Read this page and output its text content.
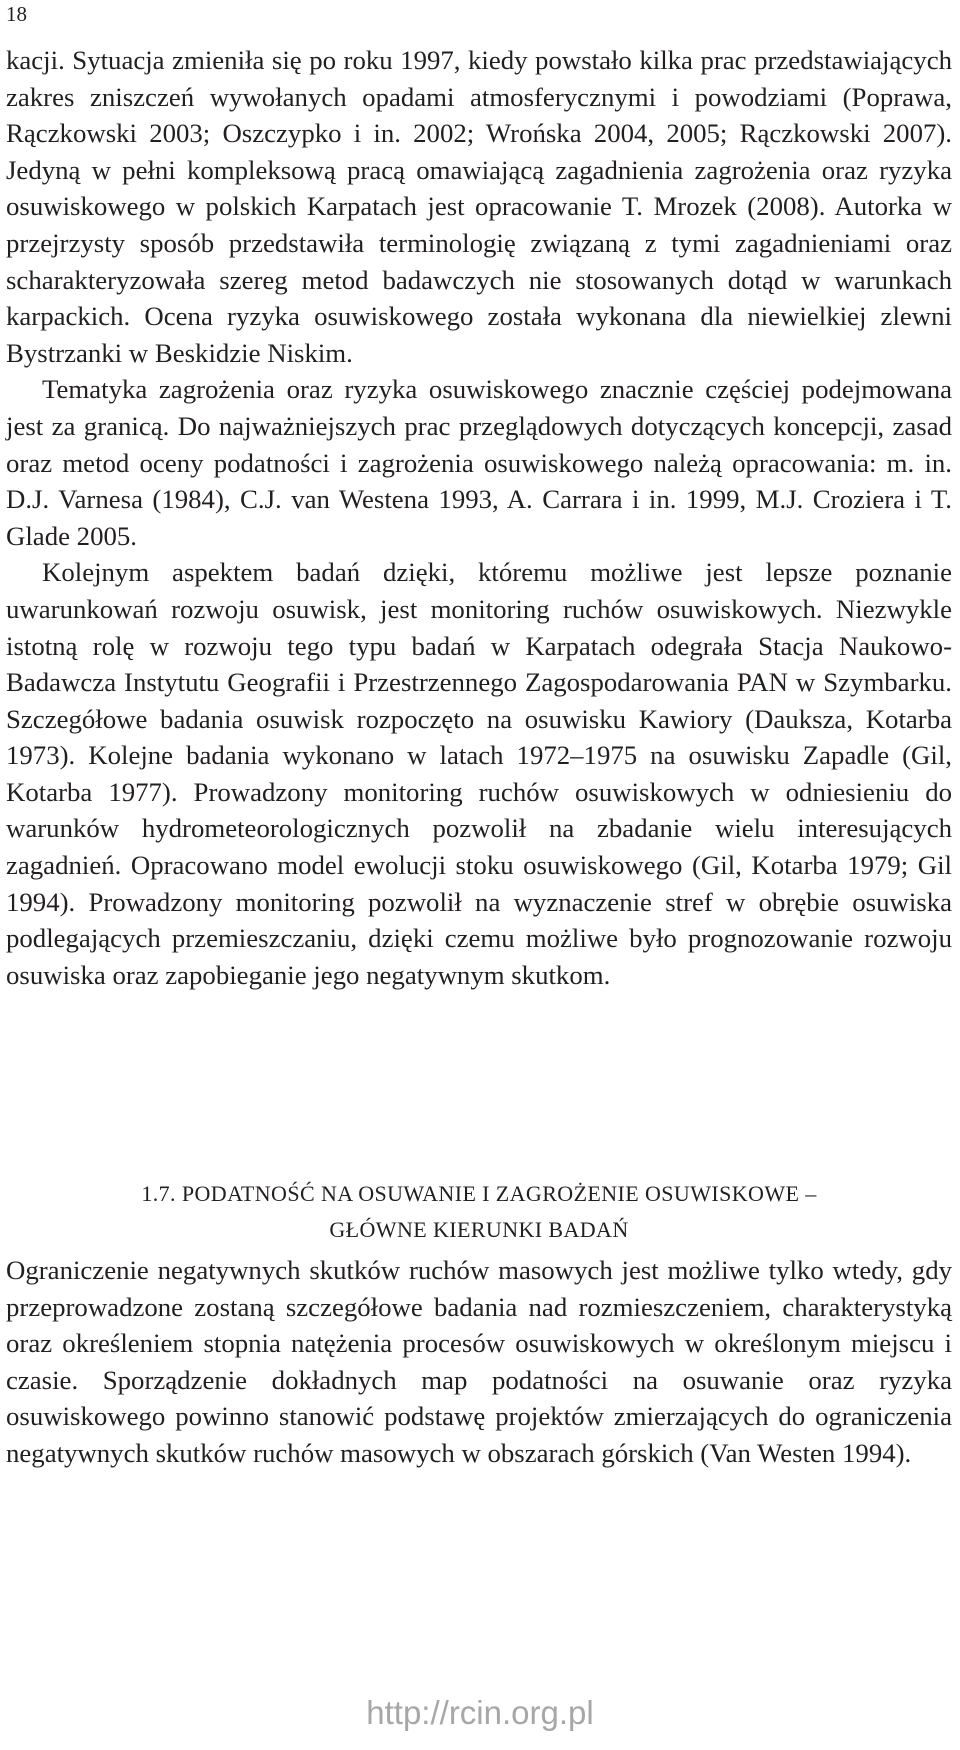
18

kacji. Sytuacja zmieniła się po roku 1997, kiedy powstało kilka prac przedstawiających zakres zniszczeń wywołanych opadami atmosferycznymi i powodziami (Poprawa, Rączkowski 2003; Oszczypko i in. 2002; Wrońska 2004, 2005; Rączkowski 2007). Jedyną w pełni kompleksową pracą omawiającą zagadnienia zagrożenia oraz ryzyka osuwiskowego w polskich Karpatach jest opracowanie T. Mrozek (2008). Autorka w przejrzysty sposób przedstawiła terminologię związaną z tymi zagadnieniami oraz scharakteryzowała szereg metod badawczych nie stosowanych dotąd w warunkach karpackich. Ocena ryzyka osuwiskowego została wykonana dla niewielkiej zlewni Bystrzanki w Beskidzie Niskim.

Tematyka zagrożenia oraz ryzyka osuwiskowego znacznie częściej podejmowana jest za granicą. Do najważniejszych prac przeglądowych dotyczących koncepcji, zasad oraz metod oceny podatności i zagrożenia osuwiskowego należą opracowania: m. in. D.J. Varnesa (1984), C.J. van Westena 1993, A. Carrara i in. 1999, M.J. Croziera i T. Glade 2005.

Kolejnym aspektem badań dzięki, któremu możliwe jest lepsze poznanie uwarunkowań rozwoju osuwisk, jest monitoring ruchów osuwiskowych. Niezwykle istotną rolę w rozwoju tego typu badań w Karpatach odegrała Stacja Naukowo-Badawcza Instytutu Geografii i Przestrzennego Zagospodarowania PAN w Szymbarku. Szczegółowe badania osuwisk rozpoczęto na osuwisku Kawiory (Dauksza, Kotarba 1973). Kolejne badania wykonano w latach 1972–1975 na osuwisku Zapadle (Gil, Kotarba 1977). Prowadzony monitoring ruchów osuwiskowych w odniesieniu do warunków hydrometeorologicznych pozwolił na zbadanie wielu interesujących zagadnień. Opracowano model ewolucji stoku osuwiskowego (Gil, Kotarba 1979; Gil 1994). Prowadzony monitoring pozwolił na wyznaczenie stref w obrębie osuwiska podlegających przemieszczaniu, dzięki czemu możliwe było prognozowanie rozwoju osuwiska oraz zapobieganie jego negatywnym skutkom.

1.7. PODATNOŚĆ NA OSUWANIE I ZAGROŻENIE OSUWISKOWE –
GŁÓWNE KIERUNKI BADAŃ

Ograniczenie negatywnych skutków ruchów masowych jest możliwe tylko wtedy, gdy przeprowadzone zostaną szczegółowe badania nad rozmieszczeniem, charakterystyką oraz określeniem stopnia natężenia procesów osuwiskowych w określonym miejscu i czasie. Sporządzenie dokładnych map podatności na osuwanie oraz ryzyka osuwiskowego powinno stanowić podstawę projektów zmierzających do ograniczenia negatywnych skutków ruchów masowych w obszarach górskich (Van Westen 1994).

http://rcin.org.pl
